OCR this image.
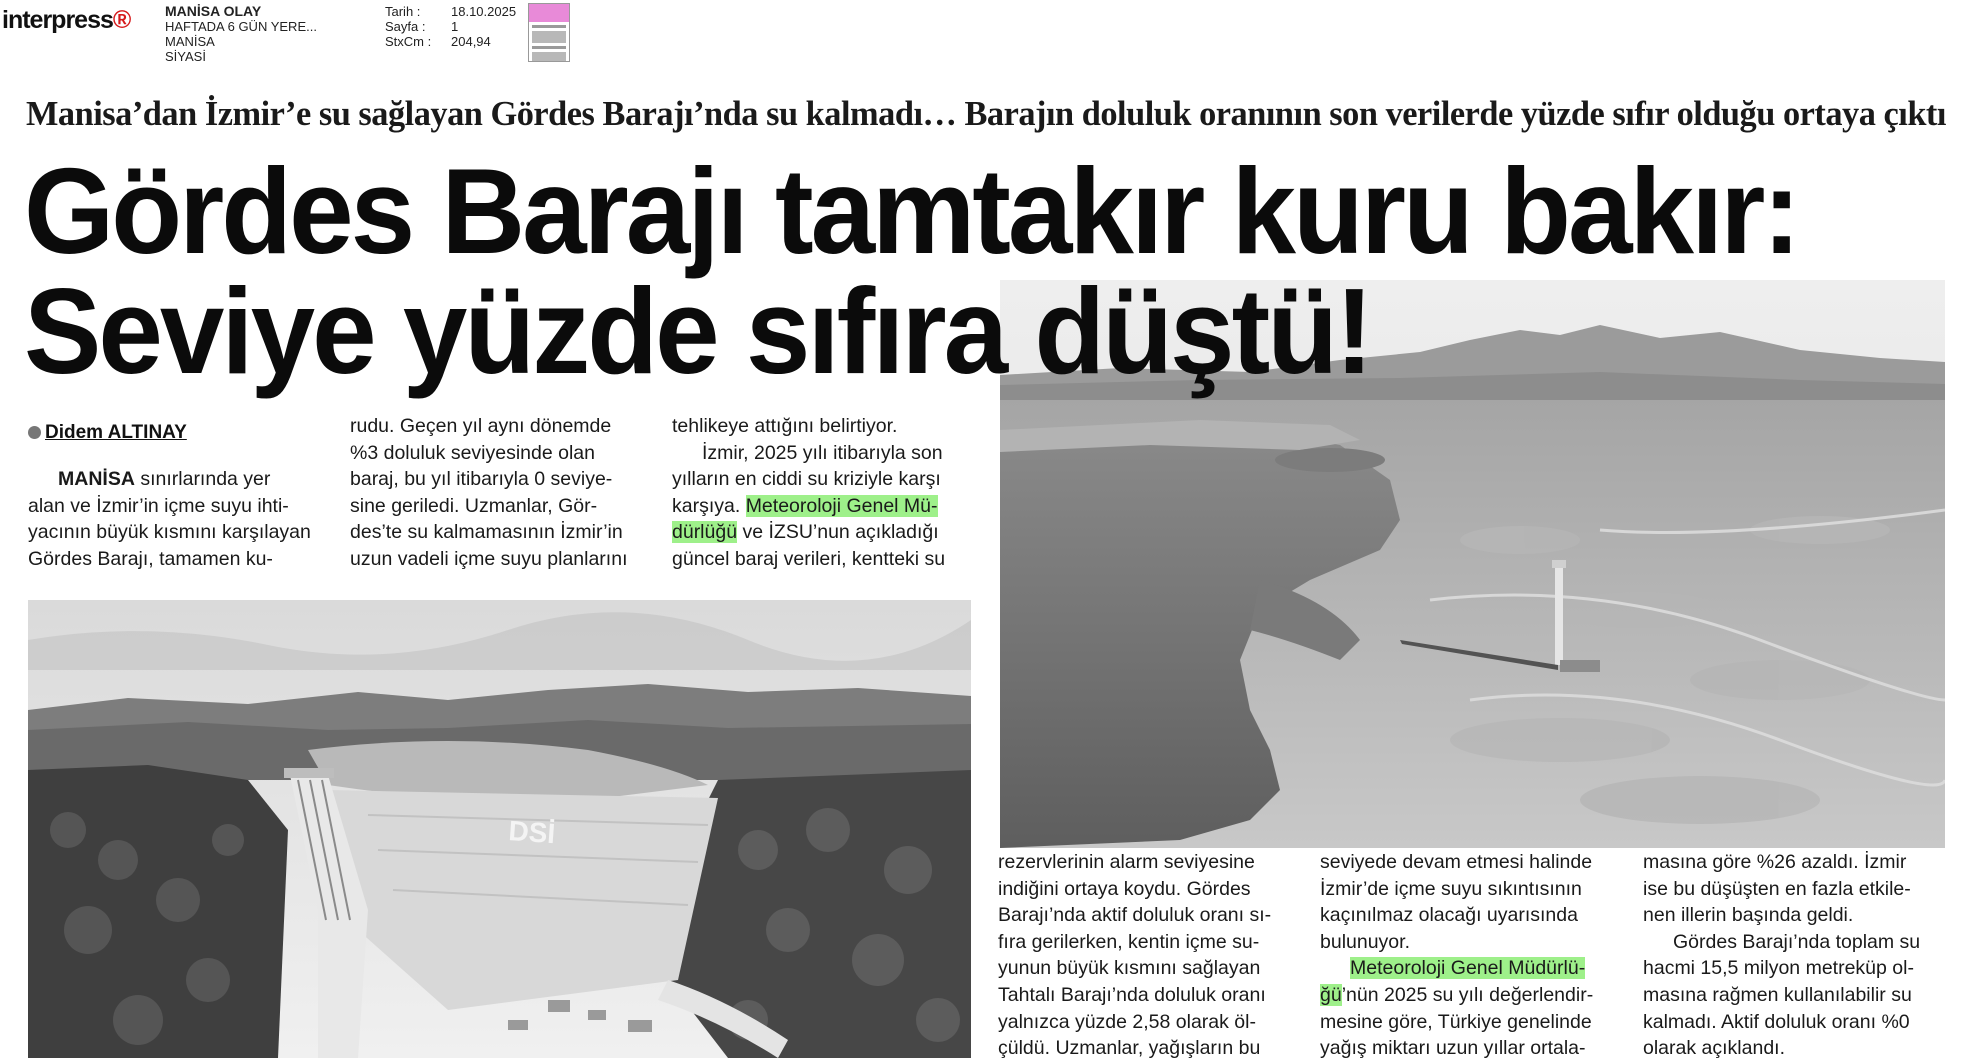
interpress® MANİSA OLAY
HAFTADA 6 GÜN YERE...
MANİSA
SİYASİ
Tarih :	18.10.2025
Sayfa :	1
StxCm :	204,94
Manisa’dan İzmir’e su sağlayan Gördes Barajı’nda su kalmadı… Barajın doluluk oranının son verilerde yüzde sıfır olduğu ortaya çıktı
Gördes Barajı tamtakır kuru bakır:
Seviye yüzde sıfıra düştü!
DSİ
Didem ALTINAY

MANİSA sınırlarında yer

alan ve İzmir’in içme suyu ihti-

yacının büyük kısmını karşılayan

Gördes Barajı, tamamen ku-

rudu. Geçen yıl aynı dönemde

%3 doluluk seviyesinde olan

baraj, bu yıl itibarıyla 0 seviye-

sine geriledi. Uzmanlar, Gör-

des’te su kalmamasının İzmir’in

uzun vadeli içme suyu planlarını

tehlikeye attığını belirtiyor.

İzmir, 2025 yılı itibarıyla son

yılların en ciddi su kriziyle karşı

karşıya. Meteoroloji Genel Mü-

dürlüğü ve İZSU’nun açıkladığı

güncel baraj verileri, kentteki su

rezervlerinin alarm seviyesine

indiğini ortaya koydu. Gördes

Barajı’nda aktif doluluk oranı sı-

fıra gerilerken, kentin içme su-

yunun büyük kısmını sağlayan

Tahtalı Barajı’nda doluluk oranı

yalnızca yüzde 2,58 olarak öl-

çüldü. Uzmanlar, yağışların bu

seviyede devam etmesi halinde

İzmir’de içme suyu sıkıntısının

kaçınılmaz olacağı uyarısında

bulunuyor.

Meteoroloji Genel Müdürlü-

ğü’nün 2025 su yılı değerlendir-

mesine göre, Türkiye genelinde

yağış miktarı uzun yıllar ortala-

masına göre %26 azaldı. İzmir

ise bu düşüşten en fazla etkile-

nen illerin başında geldi.

Gördes Barajı’nda toplam su

hacmi 15,5 milyon metreküp ol-

masına rağmen kullanılabilir su

kalmadı. Aktif doluluk oranı %0

olarak açıklandı.
